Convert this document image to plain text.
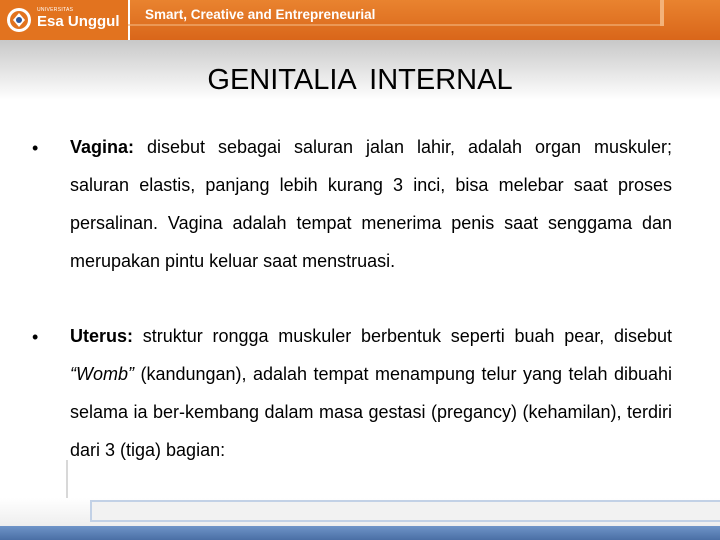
UNIVERSITAS
Esa Unggul Smart, Creative and Entrepreneurial
GENITALIA INTERNAL
• Vagina: disebut sebagai saluran jalan lahir, adalah organ muskuler; saluran elastis, panjang lebih kurang 3 inci, bisa melebar saat proses persalinan. Vagina adalah tempat menerima penis saat senggama dan merupakan pintu keluar saat menstruasi.
• Uterus: struktur rongga muskuler berbentuk seperti buah pear, disebut “Womb” (kandungan), adalah tempat menampung telur yang telah dibuahi selama ia ber-kembang dalam masa gestasi (pregancy) (kehamilan), terdiri dari 3 (tiga) bagian:
